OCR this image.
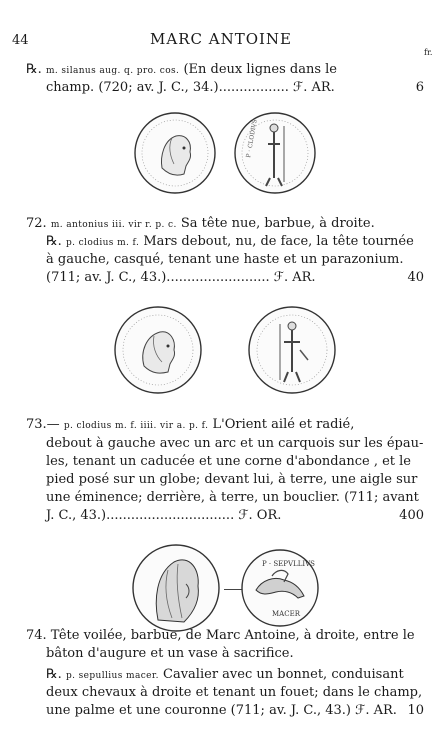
44	MARC ANTOINE
fr.
℞. m. silanus aug. q. pro. cos. (En deux lignes dans le
champ. (720; av. J. C., 34.)................. ℱ. AR.	6
P · CLODIVS
72. m. antonius iii. vir r. p. c. Sa tête nue, barbue, à droite.
℞. p. clodius m. f. Mars debout, nu, de face, la tête tournée
à gauche, casqué, tenant une haste et un parazonium.
(711; av. J. C., 43.)......................... ℱ. AR.	40
73.— p. clodius m. f. iiii. vir a. p. f. L'Orient ailé et radié,
debout à gauche avec un arc et un carquois sur les épau-
les, tenant un caducée et une corne d'abondance , et le
pied posé sur un globe; devant lui, à terre, une aigle sur
une éminence; derrière, à terre, un bouclier. (711; avant
J. C., 43.)............................... ℱ. OR.	400
P · SEPVLLIVS
MACER
74. Tête voilée, barbue, de Marc Antoine, à droite, entre le
bâton d'augure et un vase à sacrifice.
℞. p. sepullius macer. Cavalier avec un bonnet, conduisant
deux chevaux à droite et tenant un fouet; dans le champ,
une palme et une couronne (711; av. J. C., 43.) ℱ. AR. 10
